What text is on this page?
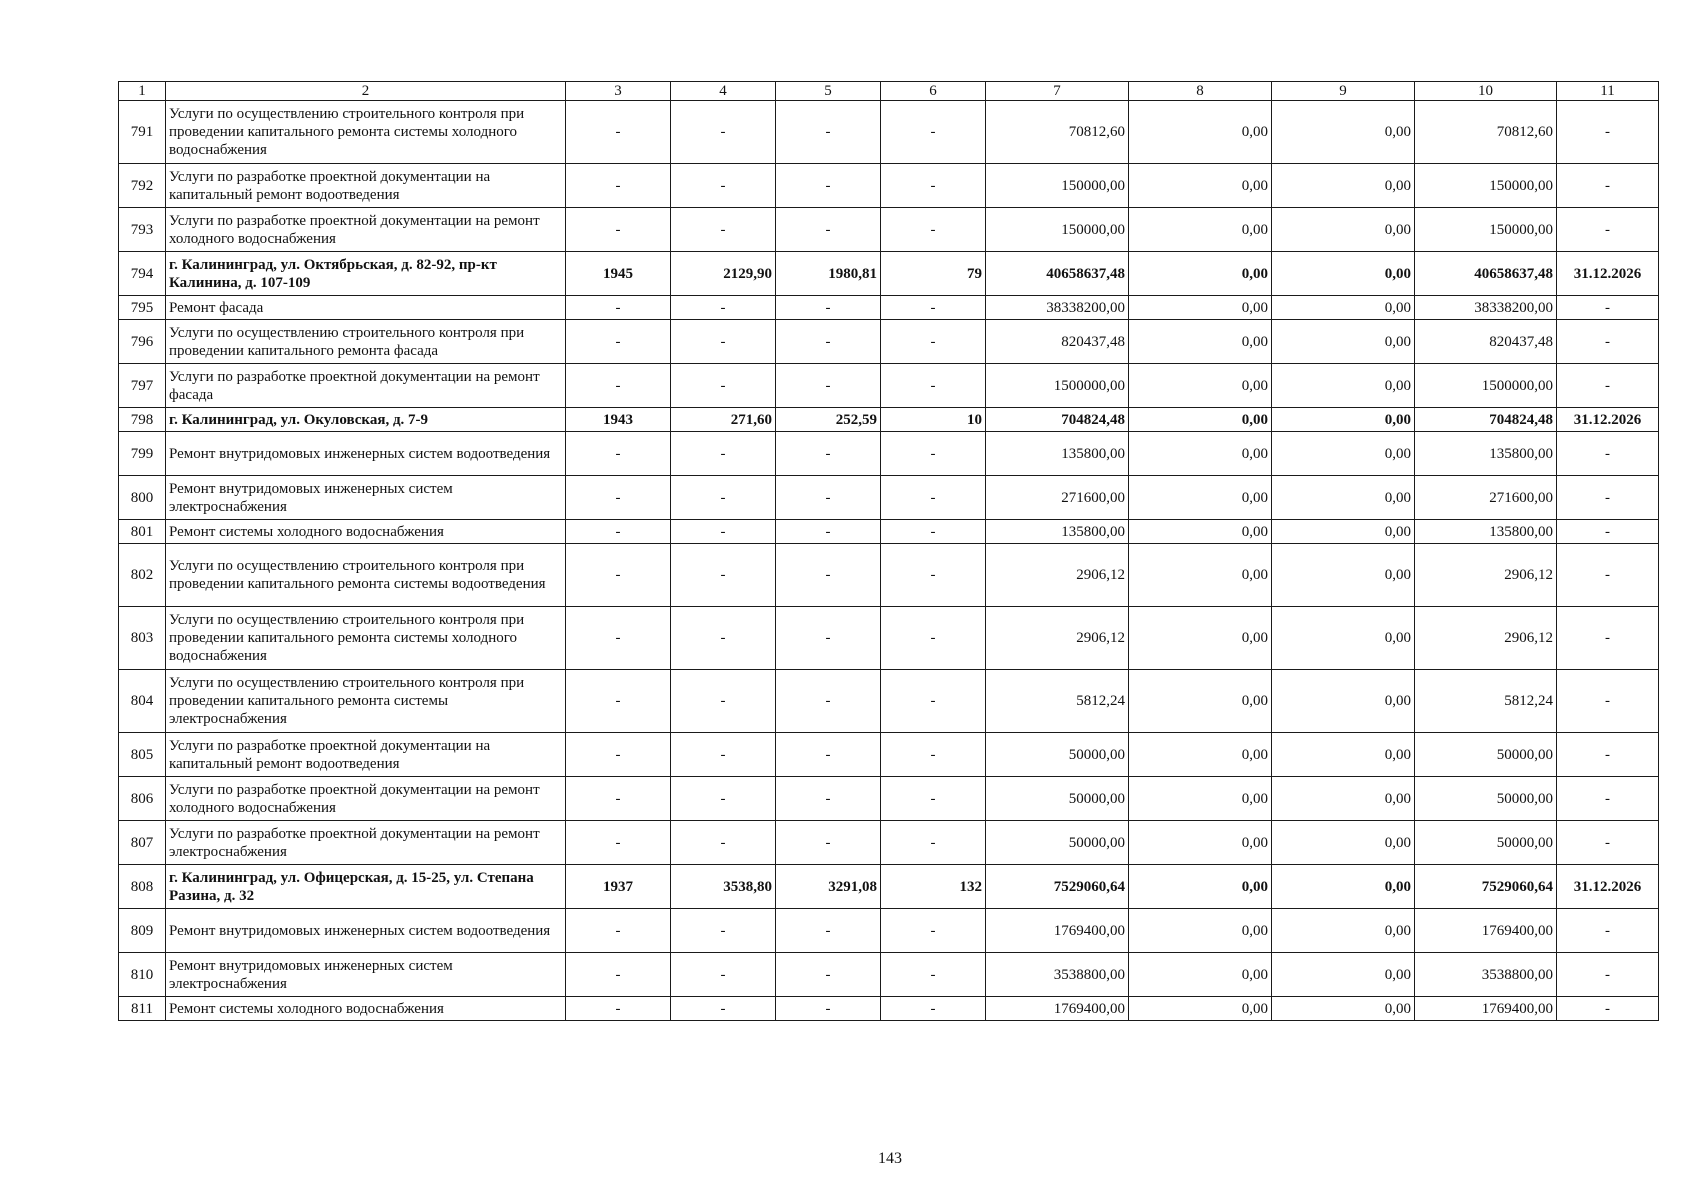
1	2	3	4	5	6	7	8	9	10	11
791	Услуги по осуществлению строительного контроля при проведении капитального ремонта системы холодного водоснабжения	-	-	-	-	70812,60	0,00	0,00	70812,60	-
792	Услуги по разработке проектной документации на капитальный ремонт водоотведения	-	-	-	-	150000,00	0,00	0,00	150000,00	-
793	Услуги по разработке проектной документации на ремонт холодного водоснабжения	-	-	-	-	150000,00	0,00	0,00	150000,00	-
794	г. Калининград, ул. Октябрьская, д. 82-92, пр-кт Калинина, д. 107-109	1945	2129,90	1980,81	79	40658637,48	0,00	0,00	40658637,48	31.12.2026
795	Ремонт фасада	-	-	-	-	38338200,00	0,00	0,00	38338200,00	-
796	Услуги по осуществлению строительного контроля при проведении капитального ремонта фасада	-	-	-	-	820437,48	0,00	0,00	820437,48	-
797	Услуги по разработке проектной документации на ремонт фасада	-	-	-	-	1500000,00	0,00	0,00	1500000,00	-
798	г. Калининград, ул. Окуловская, д. 7-9	1943	271,60	252,59	10	704824,48	0,00	0,00	704824,48	31.12.2026
799	Ремонт внутридомовых инженерных систем водоотведения	-	-	-	-	135800,00	0,00	0,00	135800,00	-
800	Ремонт внутридомовых инженерных систем электроснабжения	-	-	-	-	271600,00	0,00	0,00	271600,00	-
801	Ремонт системы холодного водоснабжения	-	-	-	-	135800,00	0,00	0,00	135800,00	-
802	Услуги по осуществлению строительного контроля при проведении капитального ремонта системы водоотведения	-	-	-	-	2906,12	0,00	0,00	2906,12	-
803	Услуги по осуществлению строительного контроля при проведении капитального ремонта системы холодного водоснабжения	-	-	-	-	2906,12	0,00	0,00	2906,12	-
804	Услуги по осуществлению строительного контроля при проведении капитального ремонта системы электроснабжения	-	-	-	-	5812,24	0,00	0,00	5812,24	-
805	Услуги по разработке проектной документации на капитальный ремонт водоотведения	-	-	-	-	50000,00	0,00	0,00	50000,00	-
806	Услуги по разработке проектной документации на ремонт холодного водоснабжения	-	-	-	-	50000,00	0,00	0,00	50000,00	-
807	Услуги по разработке проектной документации на ремонт электроснабжения	-	-	-	-	50000,00	0,00	0,00	50000,00	-
808	г. Калининград, ул. Офицерская, д. 15-25, ул. Степана Разина, д. 32	1937	3538,80	3291,08	132	7529060,64	0,00	0,00	7529060,64	31.12.2026
809	Ремонт внутридомовых инженерных систем водоотведения	-	-	-	-	1769400,00	0,00	0,00	1769400,00	-
810	Ремонт внутридомовых инженерных систем электроснабжения	-	-	-	-	3538800,00	0,00	0,00	3538800,00	-
811	Ремонт системы холодного водоснабжения	-	-	-	-	1769400,00	0,00	0,00	1769400,00	-
143
